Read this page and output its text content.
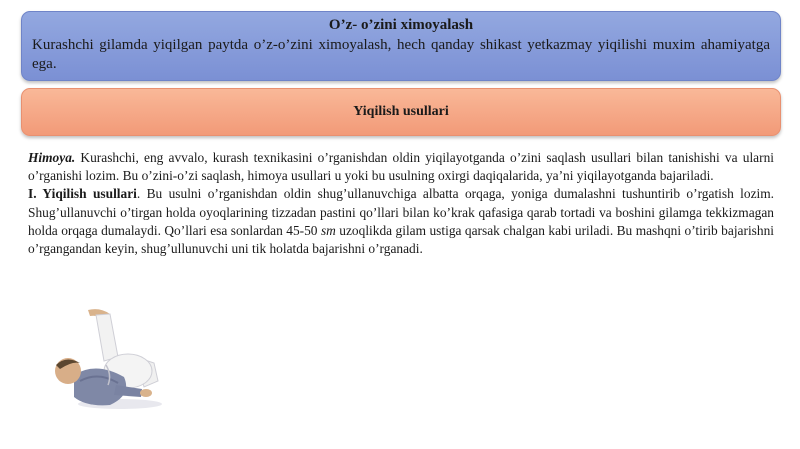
O’z- o’zini ximoyalash
Kurashchi gilamda yiqilgan paytda o’z-o’zini ximoyalash, hech qanday shikast yetkazmay yiqilishi muxim ahamiyatga ega.
Yiqilish usullari

Himoya. Kurashchi, eng avvalo, kurash texnikasini o’rganishdan oldin yiqilayotganda o’zini saqlash usullari bilan tanishishi va ularni o’rganishi lozim. Bu o’zini-o’zi saqlash, himoya usullari u yoki bu usulning oxirgi daqiqalarida, ya’ni yiqilayotganda bajariladi.

I. Yiqilish usullari. Bu usulni o’rganishdan oldin shug’ullanuvchiga albatta orqaga, yoniga dumalashni tushuntirib o’rgatish lozim. Shug’ullanuvchi o’tirgan holda oyoqlarining tizzadan pastini qo’llari bilan ko’krak qafasiga qarab tortadi va boshini gilamga tekkizmagan holda orqaga dumalaydi. Qo’llari esa sonlardan 45-50 sm uzoqlikda gilam ustiga qarsak chalgan kabi uriladi. Bu mashqni o’tirib bajarishni o’rgangandan keyin, shug’ullunuvchi uni tik holatda bajarishni o’rganadi.
